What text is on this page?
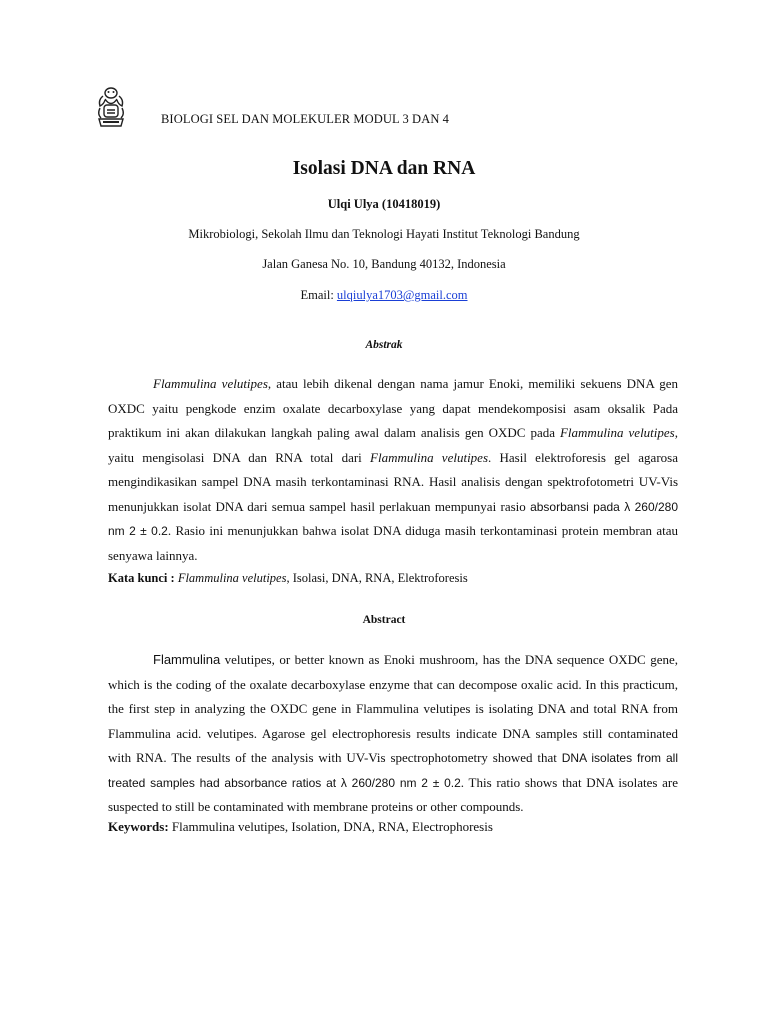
BIOLOGI SEL DAN MOLEKULER MODUL 3 DAN 4
Isolasi DNA dan RNA
Ulqi Ulya (10418019)
Mikrobiologi, Sekolah Ilmu dan Teknologi Hayati Institut Teknologi Bandung
Jalan Ganesa No. 10, Bandung 40132, Indonesia
Email: ulqiulya1703@gmail.com
Abstrak
Flammulina velutipes, atau lebih dikenal dengan nama jamur Enoki, memiliki sekuens DNA gen OXDC yaitu pengkode enzim oxalate decarboxylase yang dapat mendekomposisi asam oksalik Pada praktikum ini akan dilakukan langkah paling awal dalam analisis gen OXDC pada Flammulina velutipes, yaitu mengisolasi DNA dan RNA total dari Flammulina velutipes. Hasil elektroforesis gel agarosa mengindikasikan sampel DNA masih terkontaminasi RNA. Hasil analisis dengan spektrofotometri UV-Vis menunjukkan isolat DNA dari semua sampel hasil perlakuan mempunyai rasio absorbansi pada λ 260/280 nm 2 ± 0.2. Rasio ini menunjukkan bahwa isolat DNA diduga masih terkontaminasi protein membran atau senyawa lainnya.
Kata kunci : Flammulina velutipes, Isolasi, DNA, RNA, Elektroforesis
Abstract
Flammulina velutipes, or better known as Enoki mushroom, has the DNA sequence OXDC gene, which is the coding of the oxalate decarboxylase enzyme that can decompose oxalic acid. In this practicum, the first step in analyzing the OXDC gene in Flammulina velutipes is isolating DNA and total RNA from Flammulina acid. velutipes. Agarose gel electrophoresis results indicate DNA samples still contaminated with RNA. The results of the analysis with UV-Vis spectrophotometry showed that DNA isolates from all treated samples had absorbance ratios at λ 260/280 nm 2 ± 0.2. This ratio shows that DNA isolates are suspected to still be contaminated with membrane proteins or other compounds.
Keywords: Flammulina velutipes, Isolation, DNA, RNA, Electrophoresis
